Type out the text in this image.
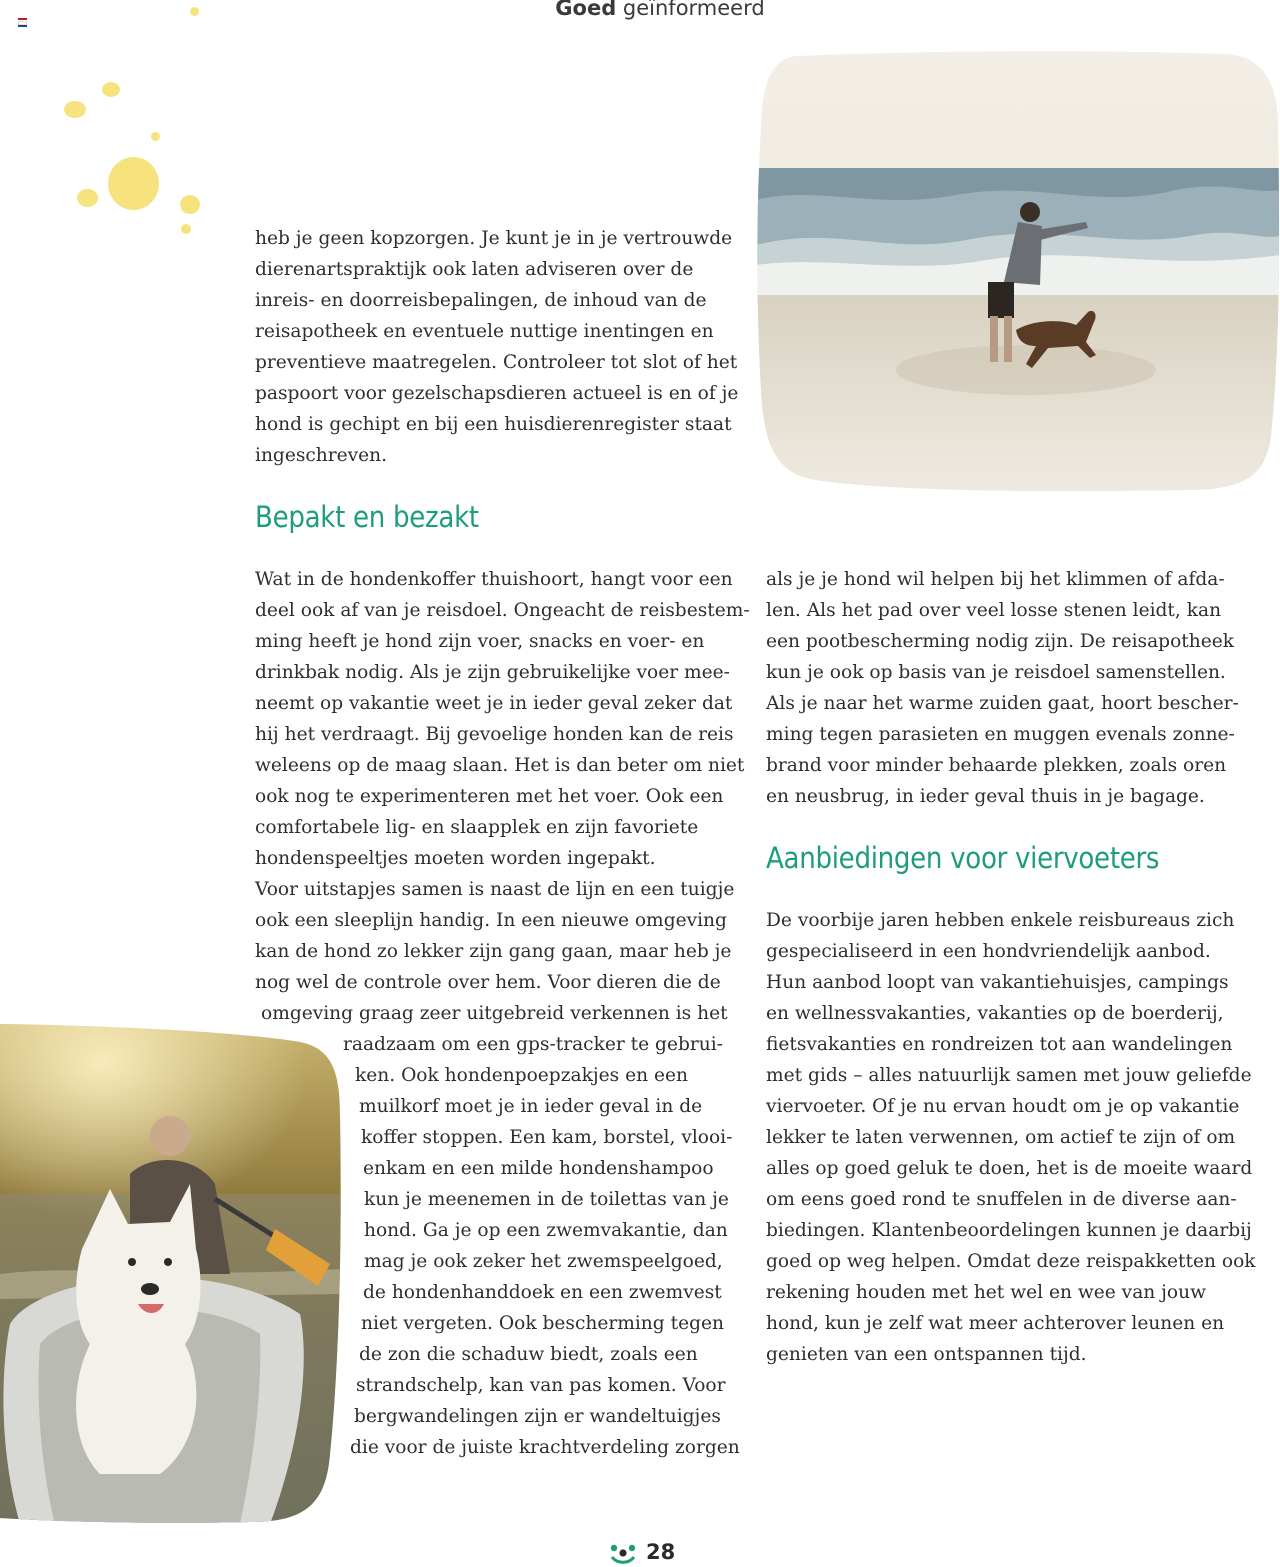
Goed geïnformeerd

heb je geen kopzorgen. Je kunt je in je vertrouwde
dierenartspraktijk ook laten adviseren over de
inreis- en doorreisbepalingen, de inhoud van de
reisapotheek en eventuele nuttige inentingen en
preventieve maatregelen. Controleer tot slot of het
paspoort voor gezelschapsdieren actueel is en of je
hond is gechipt en bij een huisdierenregister staat
ingeschreven.

Bepakt en bezakt

Wat in de hondenkoffer thuishoort, hangt voor een
deel ook af van je reisdoel. Ongeacht de reisbestem-
ming heeft je hond zijn voer, snacks en voer- en
drinkbak nodig. Als je zijn gebruikelijke voer mee-
neemt op vakantie weet je in ieder geval zeker dat
hij het verdraagt. Bij gevoelige honden kan de reis
weleens op de maag slaan. Het is dan beter om niet
ook nog te experimenteren met het voer. Ook een
comfortabele lig- en slaapplek en zijn favoriete
hondenspeeltjes moeten worden ingepakt.
Voor uitstapjes samen is naast de lijn en een tuigje
ook een sleeplijn handig. In een nieuwe omgeving
kan de hond zo lekker zijn gang gaan, maar heb je
nog wel de controle over hem. Voor dieren die de
omgeving graag zeer uitgebreid verkennen is het
raadzaam om een gps-tracker te gebrui-
ken. Ook hondenpoepzakjes en een
muilkorf moet je in ieder geval in de
koffer stoppen. Een kam, borstel, vlooi-
enkam en een milde hondenshampoo
kun je meenemen in de toilettas van je
hond. Ga je op een zwemvakantie, dan
mag je ook zeker het zwemspeelgoed,
de hondenhanddoek en een zwemvest
niet vergeten. Ook bescherming tegen
de zon die schaduw biedt, zoals een
strandschelp, kan van pas komen. Voor
bergwandelingen zijn er wandeltuigjes
die voor de juiste krachtverdeling zorgen

als je je hond wil helpen bij het klimmen of afda-
len. Als het pad over veel losse stenen leidt, kan
een pootbescherming nodig zijn. De reisapotheek
kun je ook op basis van je reisdoel samenstellen.
Als je naar het warme zuiden gaat, hoort bescher-
ming tegen parasieten en muggen evenals zonne-
brand voor minder behaarde plekken, zoals oren
en neusbrug, in ieder geval thuis in je bagage.

Aanbiedingen voor viervoeters

De voorbije jaren hebben enkele reisbureaus zich
gespecialiseerd in een hondvriendelijk aanbod.
Hun aanbod loopt van vakantiehuisjes, campings
en wellnessvakanties, vakanties op de boerderij,
fietsvakanties en rondreizen tot aan wandelingen
met gids – alles natuurlijk samen met jouw geliefde
viervoeter. Of je nu ervan houdt om je op vakantie
lekker te laten verwennen, om actief te zijn of om
alles op goed geluk te doen, het is de moeite waard
om eens goed rond te snuffelen in de diverse aan-
biedingen. Klantenbeoordelingen kunnen je daarbij
goed op weg helpen. Omdat deze reispakketten ook
rekening houden met het wel en wee van jouw
hond, kun je zelf wat meer achterover leunen en
genieten van een ontspannen tijd.

28
